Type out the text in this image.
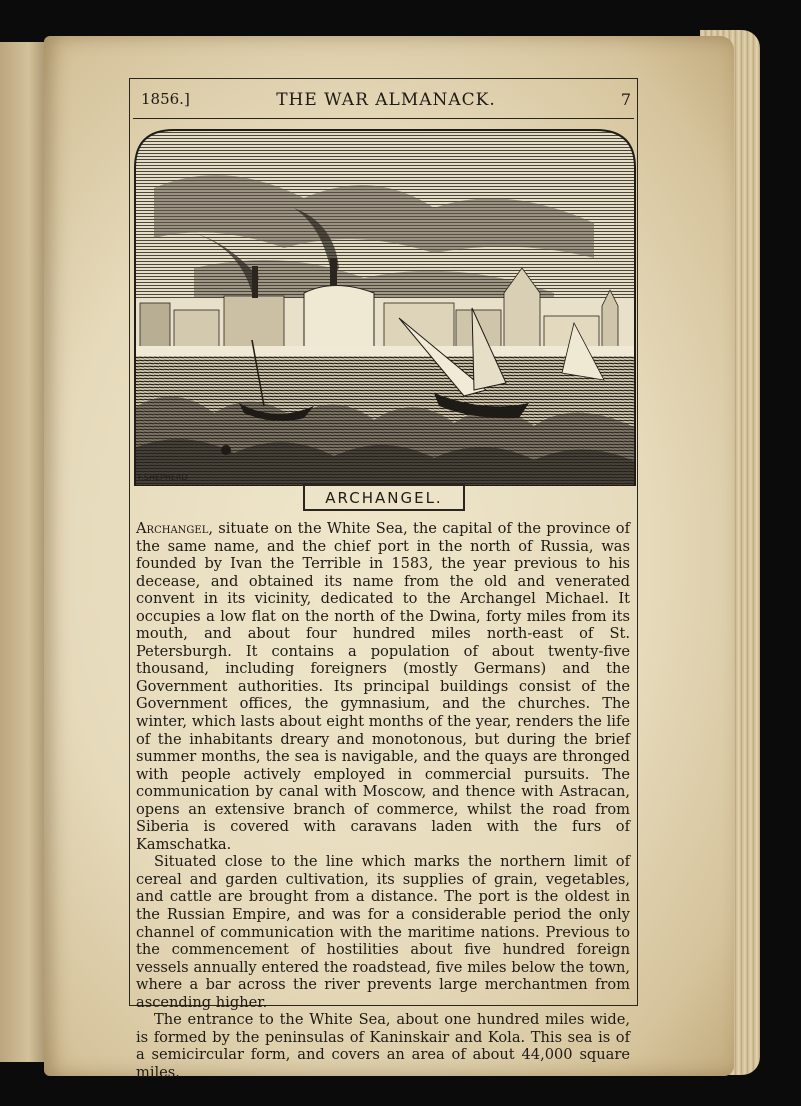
1856.]	THE WAR ALMANACK.	7
F.SHEPHERD
ARCHANGEL.

Archangel, situate on the White Sea, the capital of the province of the same name, and the chief port in the north of Russia, was founded by Ivan the Terrible in 1583, the year previous to his decease, and obtained its name from the old and venerated convent in its vicinity, dedicated to the Archangel Michael. It occupies a low flat on the north of the Dwina, forty miles from its mouth, and about four hundred miles north-east of St. Petersburgh. It contains a population of about twenty-five thousand, including foreigners (mostly Germans) and the Government authorities. Its principal buildings consist of the Government offices, the gymnasium, and the churches. The winter, which lasts about eight months of the year, renders the life of the inhabitants dreary and monotonous, but during the brief summer months, the sea is navigable, and the quays are thronged with people actively employed in commercial pursuits. The communication by canal with Moscow, and thence with Astracan, opens an extensive branch of commerce, whilst the road from Siberia is covered with caravans laden with the furs of Kamschatka.

Situated close to the line which marks the northern limit of cereal and garden cultivation, its supplies of grain, vegetables, and cattle are brought from a distance. The port is the oldest in the Russian Empire, and was for a considerable period the only channel of communication with the maritime nations. Previous to the commencement of hostilities about five hundred foreign vessels annually entered the roadstead, five miles below the town, where a bar across the river prevents large merchantmen from ascending higher.

The entrance to the White Sea, about one hundred miles wide, is formed by the peninsulas of Kaninskair and Kola. This sea is of a semicircular form, and covers an area of about 44,000 square miles.
